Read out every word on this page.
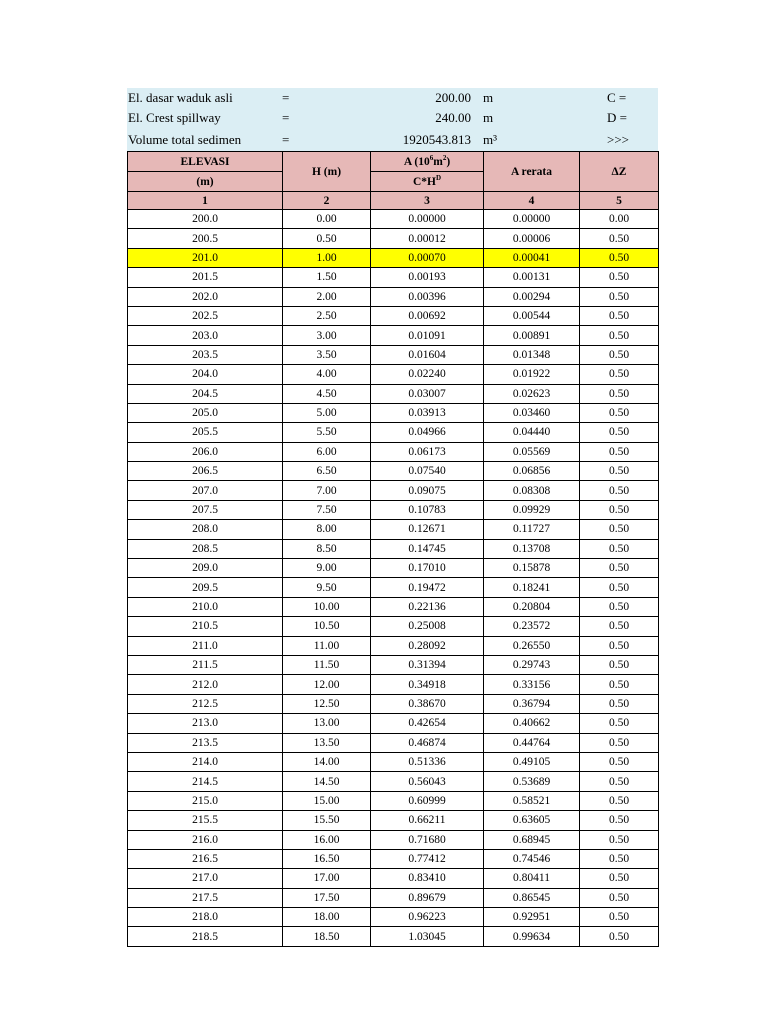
El. dasar waduk asli	=	200.00 m	C =
El. Crest spillway	=	240.00 m	D =
Volume total sedimen	=	1920543.813 m³	>>>
ELEVASI	H (m)	A $(10^6m^2)$	A rerata	ΔZ
(m)		$C*H^D$
1	2	3	4	5
200.0	0.00	0.00000	0.00000	0.00
200.5	0.50	0.00012	0.00006	0.50
201.0	1.00	0.00070	0.00041	0.50
201.5	1.50	0.00193	0.00131	0.50
202.0	2.00	0.00396	0.00294	0.50
202.5	2.50	0.00692	0.00544	0.50
203.0	3.00	0.01091	0.00891	0.50
203.5	3.50	0.01604	0.01348	0.50
204.0	4.00	0.02240	0.01922	0.50
204.5	4.50	0.03007	0.02623	0.50
205.0	5.00	0.03913	0.03460	0.50
205.5	5.50	0.04966	0.04440	0.50
206.0	6.00	0.06173	0.05569	0.50
206.5	6.50	0.07540	0.06856	0.50
207.0	7.00	0.09075	0.08308	0.50
207.5	7.50	0.10783	0.09929	0.50
208.0	8.00	0.12671	0.11727	0.50
208.5	8.50	0.14745	0.13708	0.50
209.0	9.00	0.17010	0.15878	0.50
209.5	9.50	0.19472	0.18241	0.50
210.0	10.00	0.22136	0.20804	0.50
210.5	10.50	0.25008	0.23572	0.50
211.0	11.00	0.28092	0.26550	0.50
211.5	11.50	0.31394	0.29743	0.50
212.0	12.00	0.34918	0.33156	0.50
212.5	12.50	0.38670	0.36794	0.50
213.0	13.00	0.42654	0.40662	0.50
213.5	13.50	0.46874	0.44764	0.50
214.0	14.00	0.51336	0.49105	0.50
214.5	14.50	0.56043	0.53689	0.50
215.0	15.00	0.60999	0.58521	0.50
215.5	15.50	0.66211	0.63605	0.50
216.0	16.00	0.71680	0.68945	0.50
216.5	16.50	0.77412	0.74546	0.50
217.0	17.00	0.83410	0.80411	0.50
217.5	17.50	0.89679	0.86545	0.50
218.0	18.00	0.96223	0.92951	0.50
218.5	18.50	1.03045	0.99634	0.50
